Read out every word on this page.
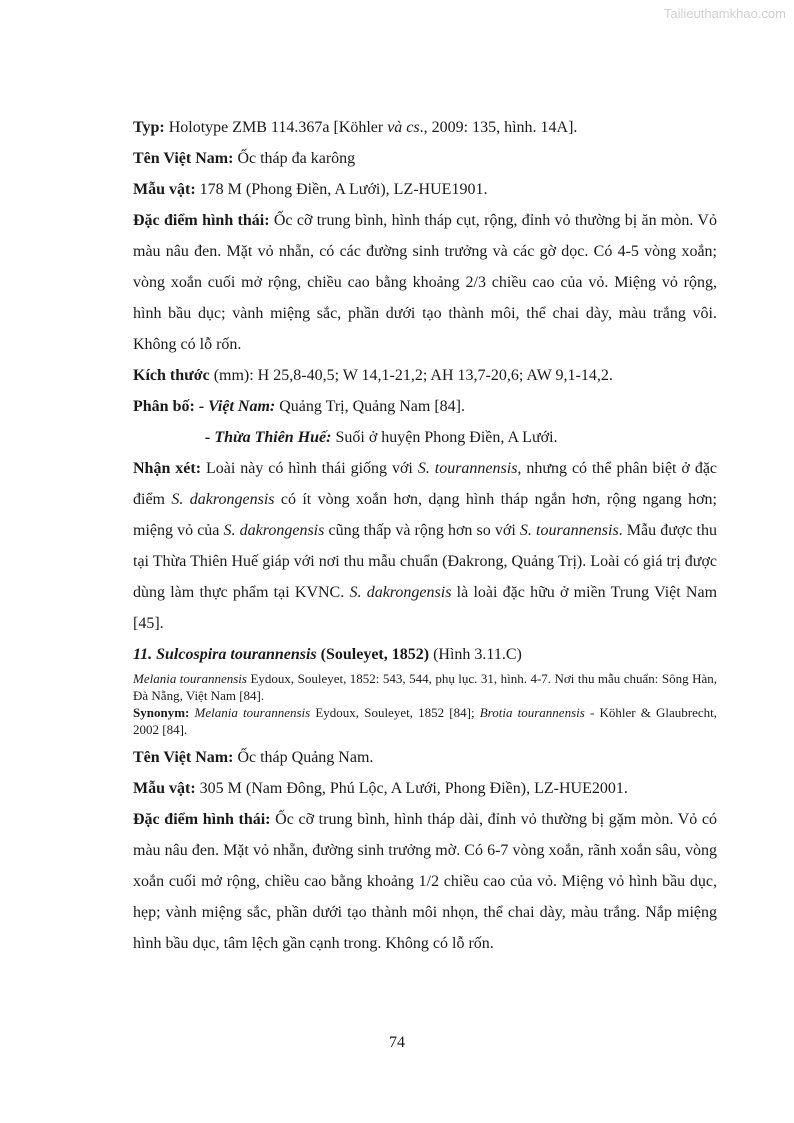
Tailieuthamkhao.com

Typ: Holotype ZMB 114.367a [Köhler và cs., 2009: 135, hình. 14A].

Tên Việt Nam: Ốc tháp đa karông

Mẫu vật: 178 M (Phong Điền, A Lưới), LZ-HUE1901.

Đặc điểm hình thái: Ốc cỡ trung bình, hình tháp cụt, rộng, đỉnh vỏ thường bị ăn mòn. Vỏ màu nâu đen. Mặt vỏ nhẵn, có các đường sinh trưởng và các gờ dọc. Có 4-5 vòng xoắn; vòng xoắn cuối mở rộng, chiều cao bằng khoảng 2/3 chiều cao của vỏ. Miệng vỏ rộng, hình bầu dục; vành miệng sắc, phần dưới tạo thành môi, thể chai dày, màu trắng vôi. Không có lỗ rốn.

Kích thước (mm): H 25,8-40,5; W 14,1-21,2; AH 13,7-20,6; AW 9,1-14,2.

Phân bố: - Việt Nam: Quảng Trị, Quảng Nam [84].

- Thừa Thiên Huế: Suối ở huyện Phong Điền, A Lưới.

Nhận xét: Loài này có hình thái giống với S. tourannensis, nhưng có thể phân biệt ở đặc điểm S. dakrongensis có ít vòng xoắn hơn, dạng hình tháp ngắn hơn, rộng ngang hơn; miệng vỏ của S. dakrongensis cũng thấp và rộng hơn so với S. tourannensis. Mẫu được thu tại Thừa Thiên Huế giáp với nơi thu mẫu chuẩn (Đakrong, Quảng Trị). Loài có giá trị được dùng làm thực phẩm tại KVNC. S. dakrongensis là loài đặc hữu ở miền Trung Việt Nam [45].

11. Sulcospira tourannensis (Souleyet, 1852) (Hình 3.11.C)

Melania tourannensis Eydoux, Souleyet, 1852: 543, 544, phụ lục. 31, hình. 4-7. Nơi thu mẫu chuẩn: Sông Hàn, Đà Nẵng, Việt Nam [84].

Synonym: Melania tourannensis Eydoux, Souleyet, 1852 [84]; Brotia tourannensis - Köhler & Glaubrecht, 2002 [84].

Tên Việt Nam: Ốc tháp Quảng Nam.

Mẫu vật: 305 M (Nam Đông, Phú Lộc, A Lưới, Phong Điền), LZ-HUE2001.

Đặc điểm hình thái: Ốc cỡ trung bình, hình tháp dài, đỉnh vỏ thường bị gặm mòn. Vỏ có màu nâu đen. Mặt vỏ nhẵn, đường sinh trưởng mờ. Có 6-7 vòng xoắn, rãnh xoắn sâu, vòng xoắn cuối mở rộng, chiều cao bằng khoảng 1/2 chiều cao của vỏ. Miệng vỏ hình bầu dục, hẹp; vành miệng sắc, phần dưới tạo thành môi nhọn, thể chai dày, màu trắng. Nắp miệng hình bầu dục, tâm lệch gần cạnh trong. Không có lỗ rốn.

74
